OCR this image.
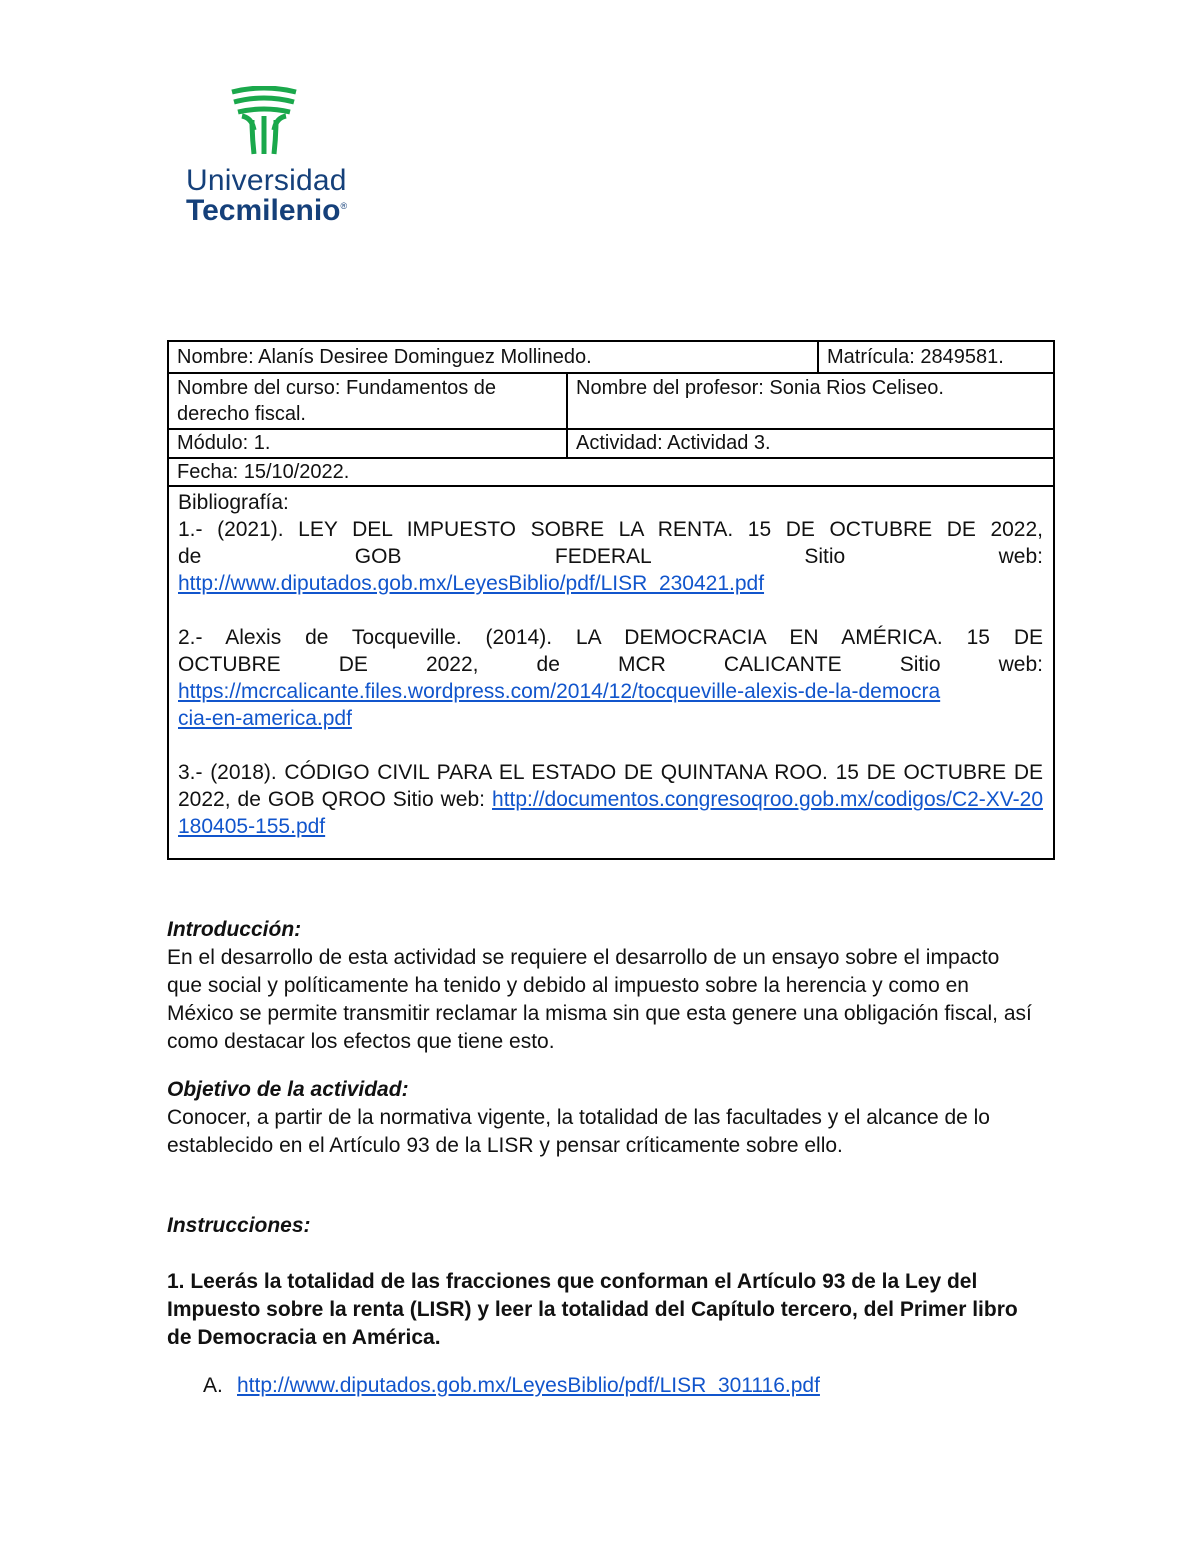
Universidad
Tecmilenio®
Nombre: Alanís Desiree Dominguez Mollinedo.	Matrícula: 2849581.
Nombre del curso: Fundamentos de derecho fiscal.
Nombre del profesor: Sonia Rios Celiseo.
Módulo: 1.	Actividad: Actividad 3.
Fecha: 15/10/2022.

Bibliografía:

1.- (2021). LEY DEL IMPUESTO SOBRE LA RENTA. 15 DE OCTUBRE DE 2022,
de GOB FEDERAL Sitio web:

http://www.diputados.gob.mx/LeyesBiblio/pdf/LISR_230421.pdf

2.- Alexis de Tocqueville. (2014). LA DEMOCRACIA EN AMÉRICA. 15 DE
OCTUBRE DE 2022, de MCR CALICANTE Sitio web:

https://mcrcalicante.files.wordpress.com/2014/12/tocqueville-alexis-de-la-democracia-en-america.pdf

3.- (2018). CÓDIGO CIVIL PARA EL ESTADO DE QUINTANA ROO. 15 DE OCTUBRE DE 2022, de GOB QROO Sitio web: http://documentos.congresoqroo.gob.mx/codigos/C2-XV-20180405-155.pdf

Introducción:
En el desarrollo de esta actividad se requiere el desarrollo de un ensayo sobre el impacto que social y políticamente ha tenido y debido al impuesto sobre la herencia y como en México se permite transmitir reclamar la misma sin que esta genere una obligación fiscal, así como destacar los efectos que tiene esto.
Objetivo de la actividad:
Conocer, a partir de la normativa vigente, la totalidad de las facultades y el alcance de lo establecido en el Artículo 93 de la LISR y pensar críticamente sobre ello.
Instrucciones:
1. Leerás la totalidad de las fracciones que conforman el Artículo 93 de la Ley del Impuesto sobre la renta (LISR) y leer la totalidad del Capítulo tercero, del Primer libro de Democracia en América.
A. http://www.diputados.gob.mx/LeyesBiblio/pdf/LISR_301116.pdf
